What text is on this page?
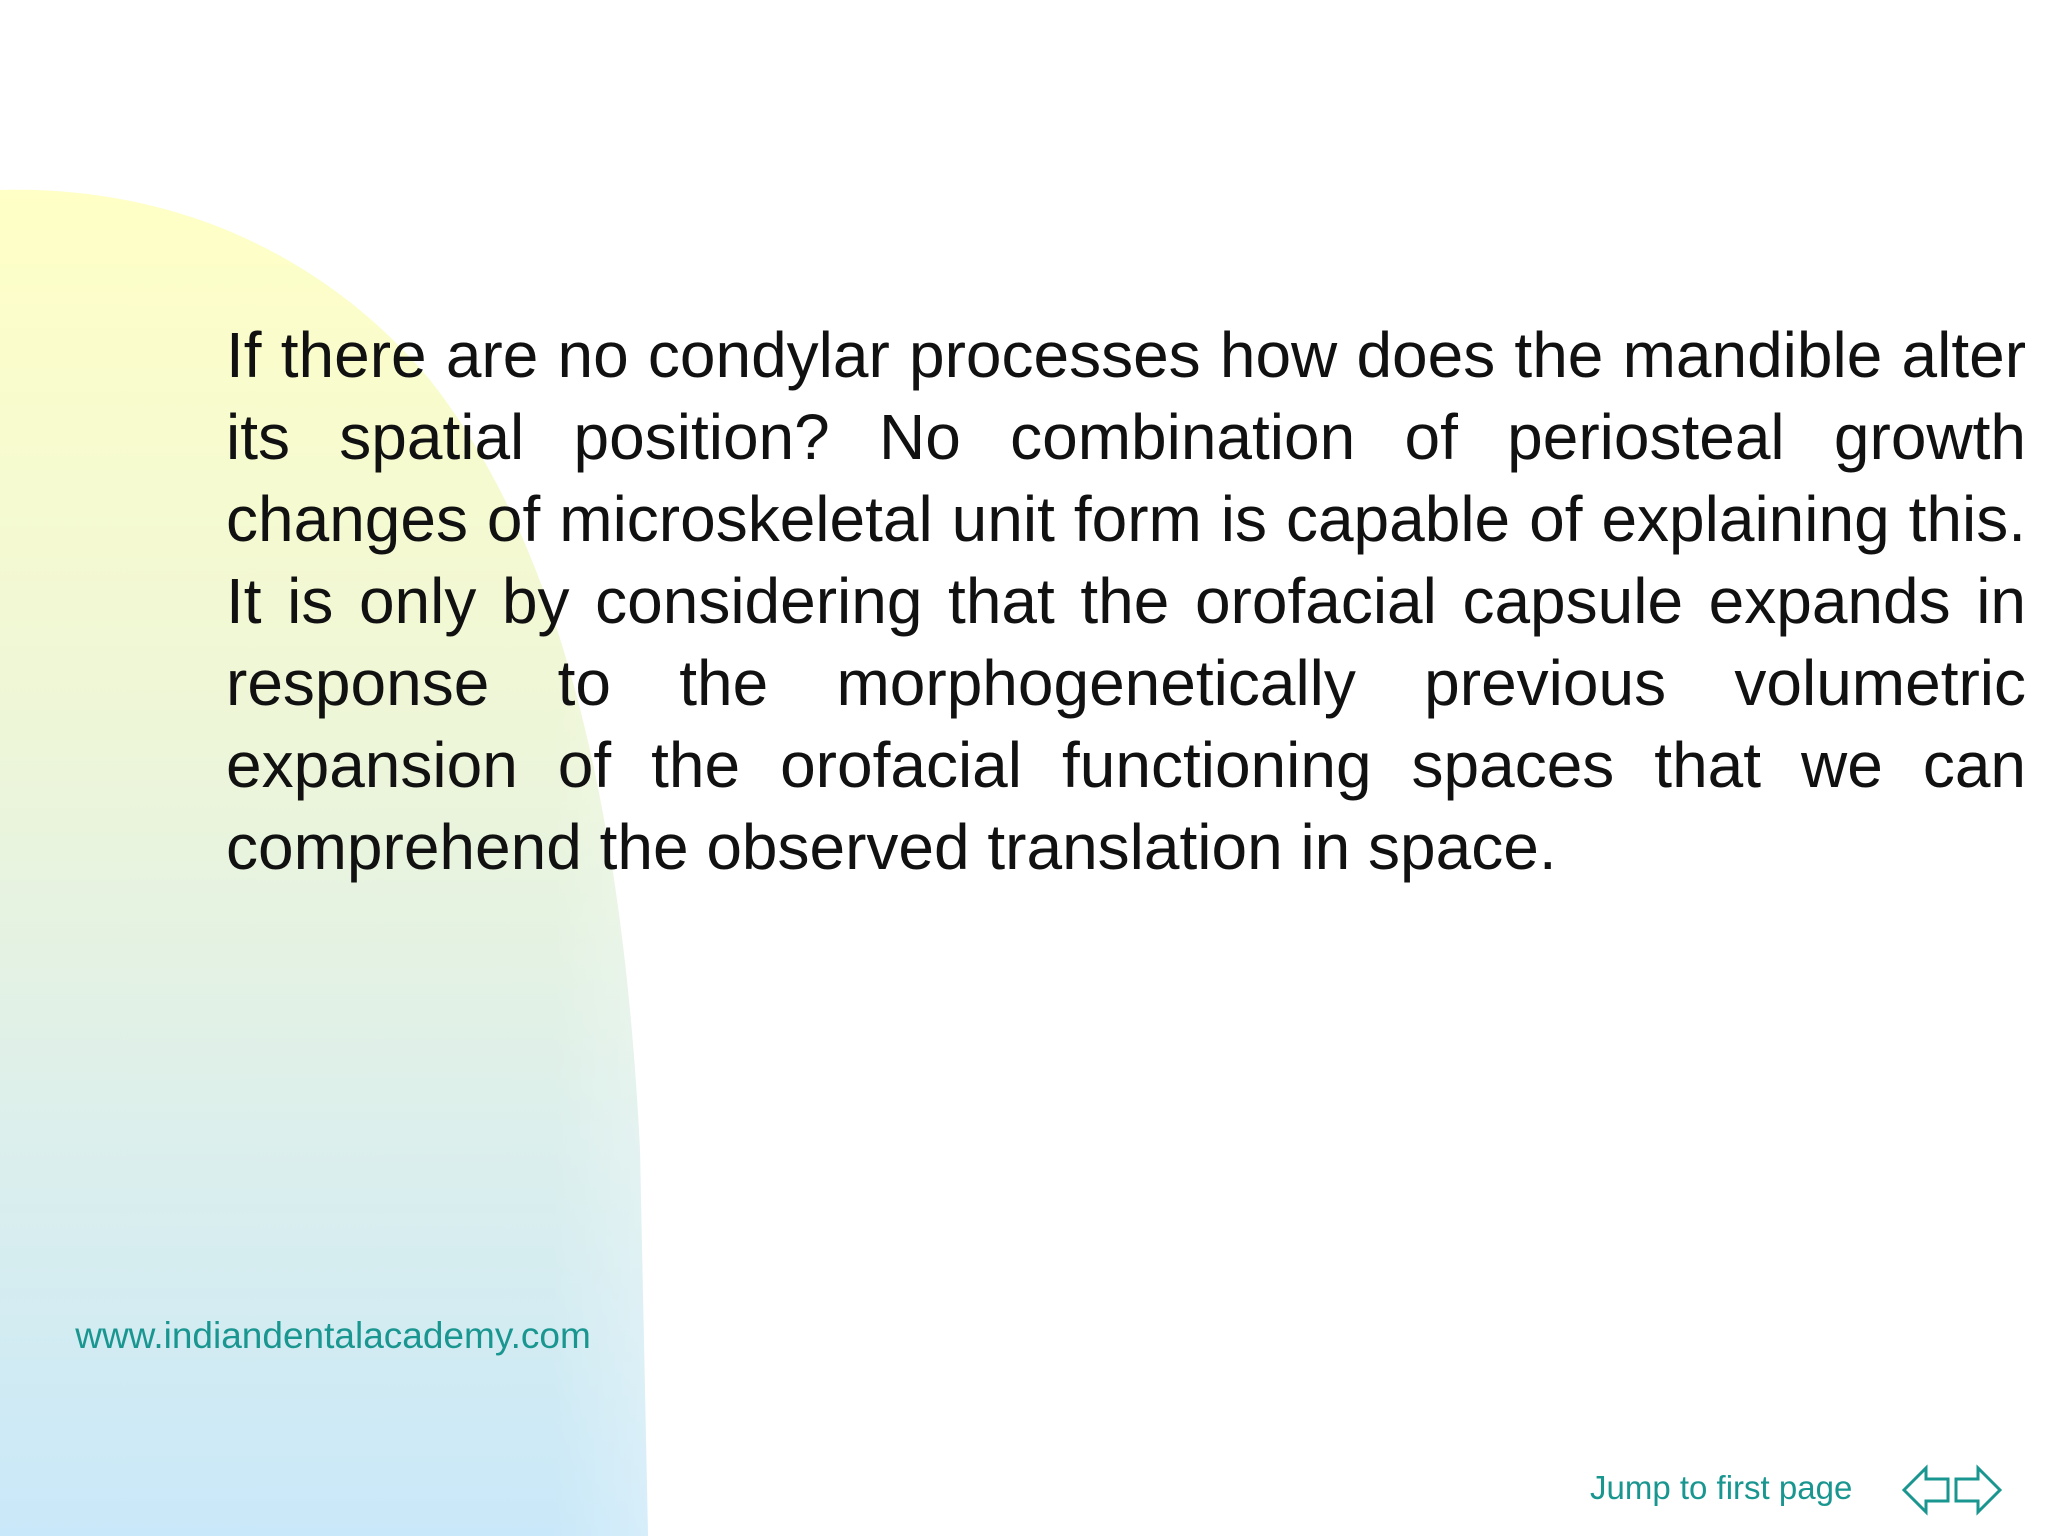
If there are no condylar processes how does the mandible alter its spatial position? No combination of periosteal growth changes of microskeletal unit form is capable of explaining this. It is only by considering that the orofacial capsule expands in response to the morphogenetically previous volumetric expansion of the orofacial functioning spaces that we can comprehend the observed translation in space.

www.indiandentalacademy.com
Jump to first page
